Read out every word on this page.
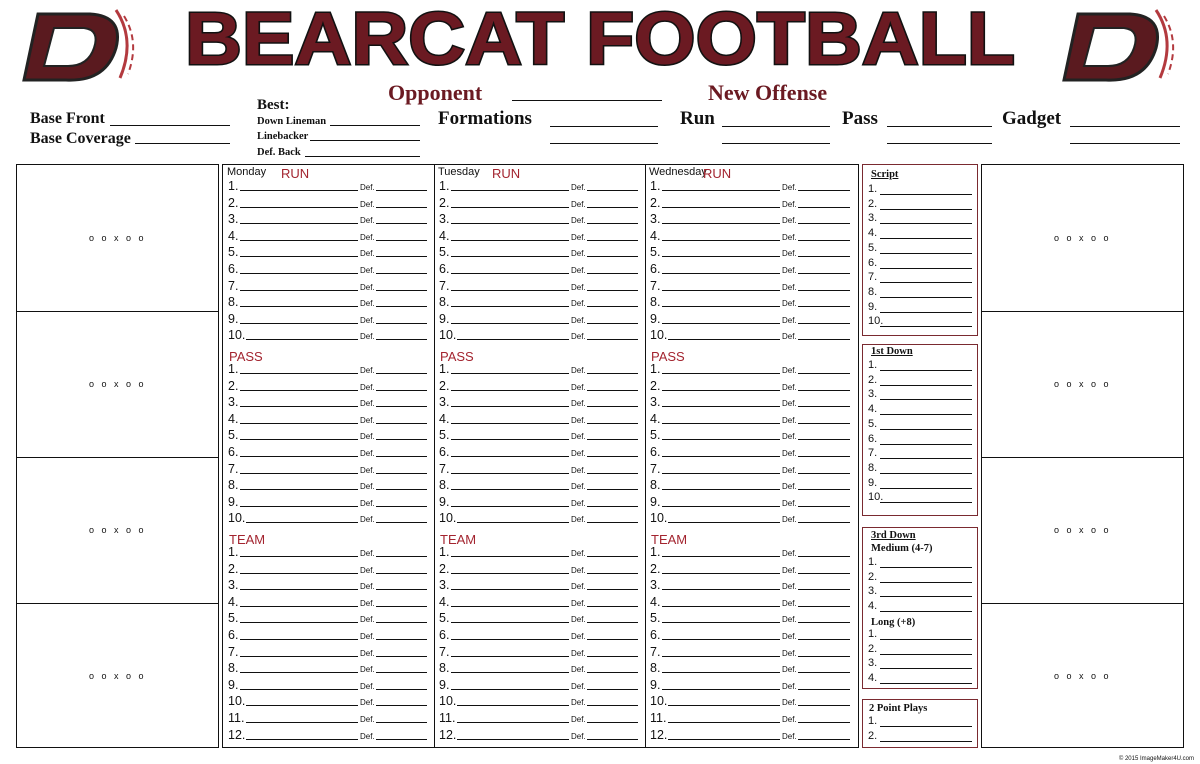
BEARCAT FOOTBALL
Opponent	New Offense
Base Front
Base Coverage
Best:
Down Lineman
Linebacker
Def. Back
Formations	Run	Pass	Gadget
o o x o o
o o x o o
o o x o o
o o x o o
o o x o o
o o x o o
o o x o o
o o x o o
Monday RUN
1.	Def.
2.	Def.
3.	Def.
4.	Def.
5.	Def.
6.	Def.
7.	Def.
8.	Def.
9.	Def.
10.	Def.
PASS
1.	Def.
2.	Def.
3.	Def.
4.	Def.
5.	Def.
6.	Def.
7.	Def.
8.	Def.
9.	Def.
10.	Def.
TEAM
1.	Def.
2.	Def.
3.	Def.
4.	Def.
5.	Def.
6.	Def.
7.	Def.
8.	Def.
9.	Def.
10.	Def.
11.	Def.
12.	Def.
Tuesday RUN
1.	Def.
2.	Def.
3.	Def.
4.	Def.
5.	Def.
6.	Def.
7.	Def.
8.	Def.
9.	Def.
10.	Def.
PASS
1.	Def.
2.	Def.
3.	Def.
4.	Def.
5.	Def.
6.	Def.
7.	Def.
8.	Def.
9.	Def.
10.	Def.
TEAM
1.	Def.
2.	Def.
3.	Def.
4.	Def.
5.	Def.
6.	Def.
7.	Def.
8.	Def.
9.	Def.
10.	Def.
11.	Def.
12.	Def.
Wednesday
RUN
1.	Def.
2.	Def.
3.	Def.
4.	Def.
5.	Def.
6.	Def.
7.	Def.
8.	Def.
9.	Def.
10.	Def.
PASS
1.	Def.
2.	Def.
3.	Def.
4.	Def.
5.	Def.
6.	Def.
7.	Def.
8.	Def.
9.	Def.
10.	Def.
TEAM
1.	Def.
2.	Def.
3.	Def.
4.	Def.
5.	Def.
6.	Def.
7.	Def.
8.	Def.
9.	Def.
10.	Def.
11.	Def.
12.	Def.
© 2015 ImageMaker4U.com
Script
1.
2.
3.
4.
5.
6.
7.
8.
9.
10.
1st Down
1.
2.
3.
4.
5.
6.
7.
8.
9.
10.
3rd Down
Medium (4-7)
1.
2.
3.
4.
Long (+8)
1.
2.
3.
4.
2 Point Plays
1.
2.
